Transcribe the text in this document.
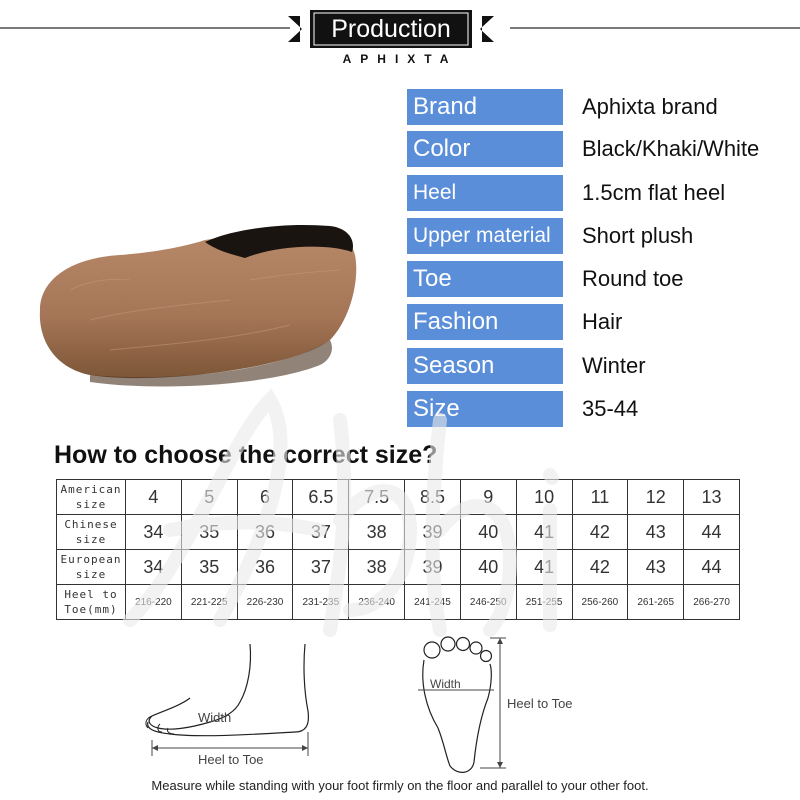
Production
APHIXTA
Brand	Aphixta brand
Color	Black/Khaki/White
Heel	1.5cm flat heel
Upper material	Short plush
Toe	Round toe
Fashion	Hair
Season	Winter
Size	35-44
How to choose the correct size?
American
size	4	5	6	6.5	7.5	8.5	9	10	11	12	13

Chinese
size	34	35	36	37	38	39	40	41	42	43	44

European
size	34	35	36	37	38	39	40	41	42	43	44

Heel to
Toe(mm)	216-220	221-225	226-230	231-235	236-240	241-245	246-250	251-255	256-260	261-265	266-270
Heel to Toe
Width
Width
Heel to Toe
Measure while standing with your foot firmly on the floor and parallel to your other foot.
